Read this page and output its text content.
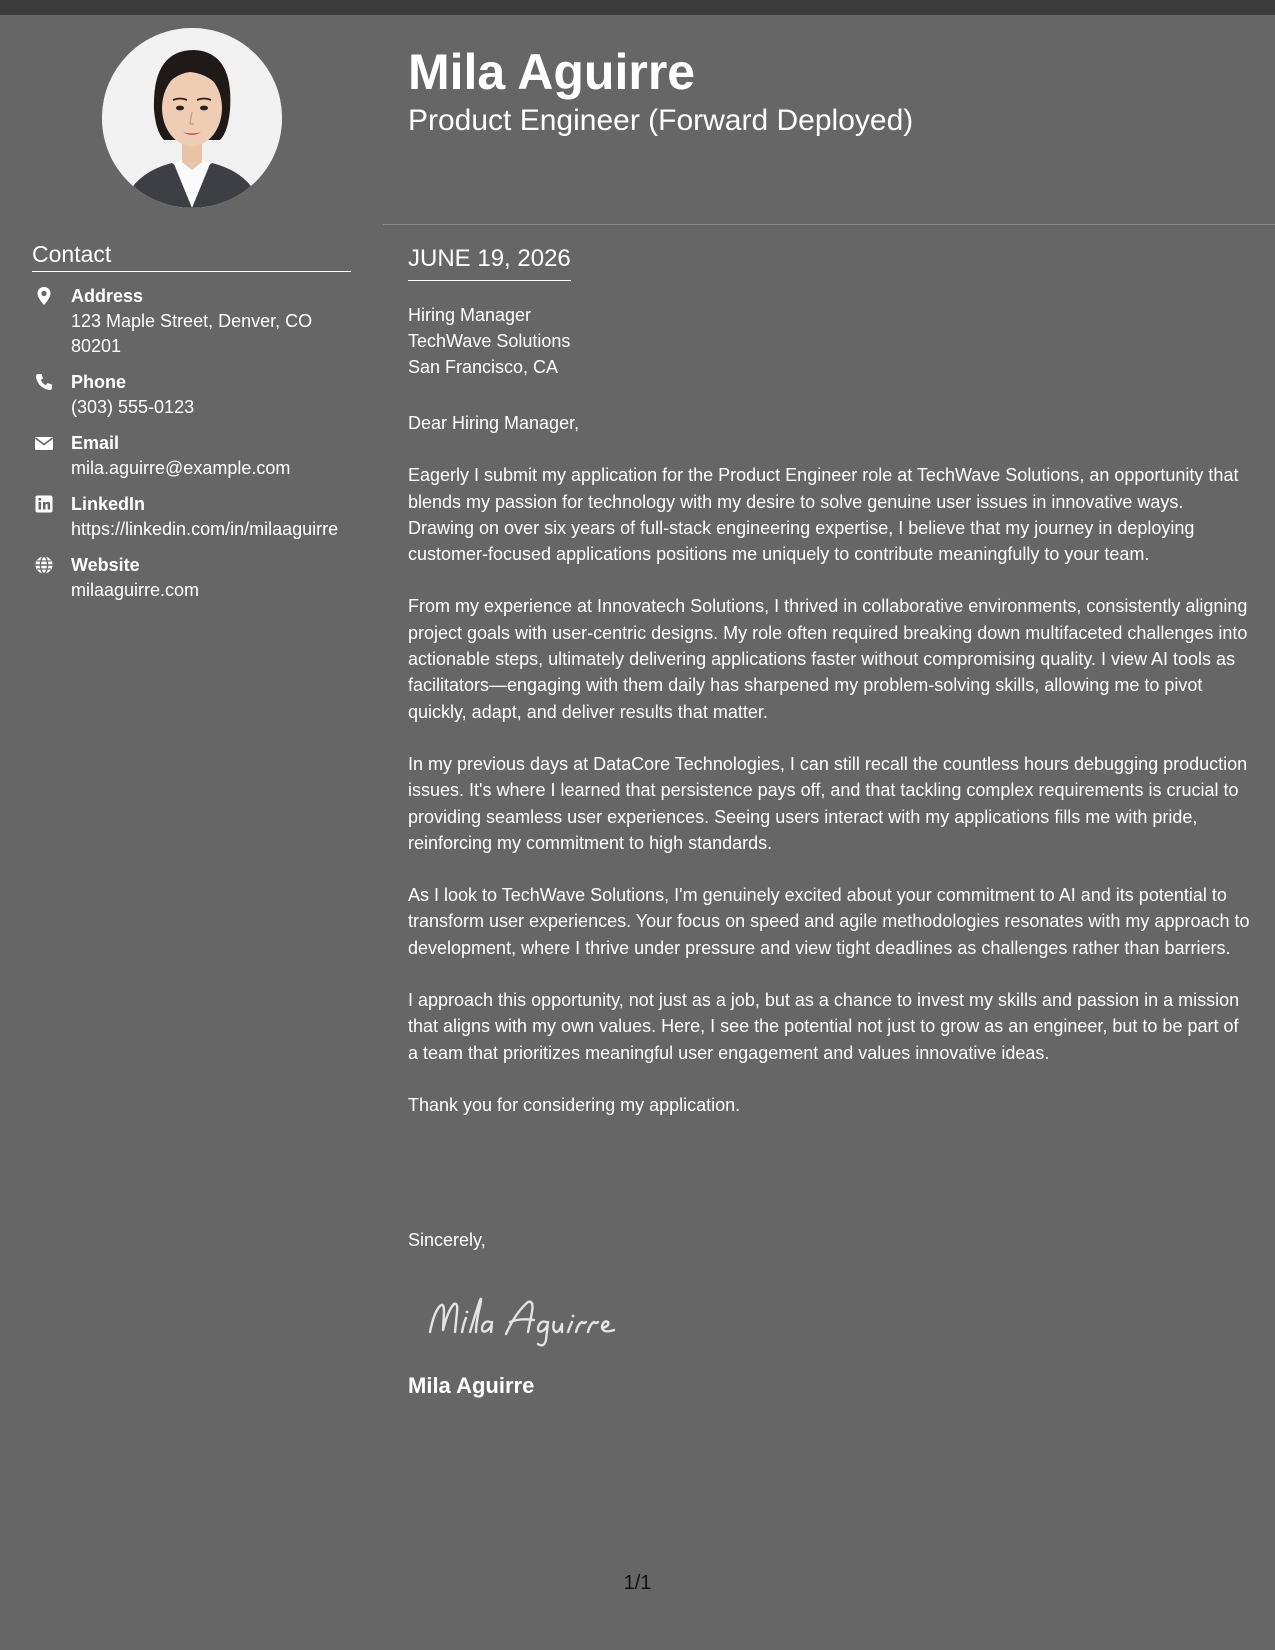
Contact
Address
123 Maple Street, Denver, CO 80201
Phone
(303) 555-0123
Email
mila.aguirre@example.com
LinkedIn
https://linkedin.com/in/milaaguirre
Website
milaaguirre.com
Mila Aguirre
Product Engineer (Forward Deployed)
JUNE 19, 2026
Hiring Manager
TechWave Solutions
San Francisco, CA

Dear Hiring Manager,

Eagerly I submit my application for the Product Engineer role at TechWave Solutions, an opportunity that blends my passion for technology with my desire to solve genuine user issues in innovative ways. Drawing on over six years of full-stack engineering expertise, I believe that my journey in deploying customer-focused applications positions me uniquely to contribute meaningfully to your team.

From my experience at Innovatech Solutions, I thrived in collaborative environments, consistently aligning project goals with user-centric designs. My role often required breaking down multifaceted challenges into actionable steps, ultimately delivering applications faster without compromising quality. I view AI tools as facilitators—engaging with them daily has sharpened my problem-solving skills, allowing me to pivot quickly, adapt, and deliver results that matter.

In my previous days at DataCore Technologies, I can still recall the countless hours debugging production issues. It's where I learned that persistence pays off, and that tackling complex requirements is crucial to providing seamless user experiences. Seeing users interact with my applications fills me with pride, reinforcing my commitment to high standards.

As I look to TechWave Solutions, I'm genuinely excited about your commitment to AI and its potential to transform user experiences. Your focus on speed and agile methodologies resonates with my approach to development, where I thrive under pressure and view tight deadlines as challenges rather than barriers.

I approach this opportunity, not just as a job, but as a chance to invest my skills and passion in a mission that aligns with my own values. Here, I see the potential not just to grow as an engineer, but to be part of a team that prioritizes meaningful user engagement and values innovative ideas.

Thank you for considering my application.

Sincerely,
Mila Aguirre
1/1
